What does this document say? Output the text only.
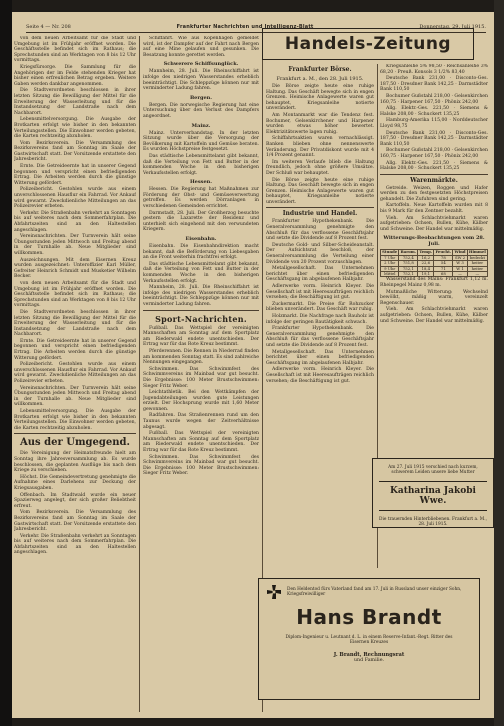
Seite 4 — Nr. 208	Frankfurter Nachrichten und Intelligenz-Blatt	Donnerstag, 29. Juli 1915.

von dem neuen Arbeitsamt für die Stadt und Umgebung ist im Frühjahr eröffnet worden. Die Geschäftsstelle befindet sich im Rathaus; die Sprechstunden sind an Werktagen von 8 bis 12 Uhr vormittags.

Kriegsfürsorge. Die Sammlung für die Angehörigen der im Felde stehenden Krieger hat bisher einen erfreulichen Betrag ergeben. Weitere Gaben werden dankbar angenommen.

Die Stadtverordneten beschlossen in ihrer letzten Sitzung die Bewilligung der Mittel für die Erweiterung der Wasserleitung und für die Instandsetzung der Landstraße nach dem Nachbarort.

Lebensmittelversorgung. Die Ausgabe der Brotkarten erfolgt wie bisher in den bekannten Verteilungsstellen. Die Einwohner werden gebeten, die Karten rechtzeitig abzuholen.

Vom Bezirksverein. Die Versammlung des Bezirksvereins fand am Sonntag im Saale der Gastwirtschaft statt. Der Vorsitzende erstattete den Jahresbericht.

Ernte. Die Getreideernte hat in unserer Gegend begonnen und verspricht einen befriedigenden Ertrag. Die Arbeiten werden durch die günstige Witterung gefördert.

Polizeibericht. Gestohlen wurde aus einem unverschlossenen Hausflur ein Fahrrad. Vor Ankauf wird gewarnt. Zweckdienliche Mitteilungen an das Polizeirevier erbeten.

Verkehr. Die Straßenbahn verkehrt an Sonntagen bis auf weiteres nach dem Sommerfahrplan. Die Abfahrtszeiten sind an den Haltestellen angeschlagen.

Vereinsnachrichten. Der Turnverein hält seine Übungsstunden jeden Mittwoch und Freitag abend in der Turnhalle ab. Neue Mitglieder sind willkommen.

Auszeichnungen. Mit dem Eisernen Kreuz wurden ausgezeichnet: Unteroffizier Karl Müller, Gefreiter Heinrich Schmidt und Musketier Wilhelm Becker.

von dem neuen Arbeitsamt für die Stadt und Umgebung ist im Frühjahr eröffnet worden. Die Geschäftsstelle befindet sich im Rathaus; die Sprechstunden sind an Werktagen von 8 bis 12 Uhr vormittags.

Die Stadtverordneten beschlossen in ihrer letzten Sitzung die Bewilligung der Mittel für die Erweiterung der Wasserleitung und für die Instandsetzung der Landstraße nach dem Nachbarort.

Ernte. Die Getreideernte hat in unserer Gegend begonnen und verspricht einen befriedigenden Ertrag. Die Arbeiten werden durch die günstige Witterung gefördert.

Polizeibericht. Gestohlen wurde aus einem unverschlossenen Hausflur ein Fahrrad. Vor Ankauf wird gewarnt. Zweckdienliche Mitteilungen an das Polizeirevier erbeten.

Vereinsnachrichten. Der Turnverein hält seine Übungsstunden jeden Mittwoch und Freitag abend in der Turnhalle ab. Neue Mitglieder sind willkommen.

Lebensmittelversorgung. Die Ausgabe der Brotkarten erfolgt wie bisher in den bekannten Verteilungsstellen. Die Einwohner werden gebeten, die Karten rechtzeitig abzuholen.

Aus der Umgegend.

Die Vereinigung der Heimatsfreunde hielt am Sonntag ihre Jahresversammlung ab. Es wurde beschlossen, die geplanten Ausflüge bis nach dem Kriege zu verschieben.

Höchst. Die Gemeindevertretung genehmigte die Aufnahme eines Darlehens zur Deckung der Kriegsausgaben.

Offenbach. Im Stadtwald wurde ein neuer Spazierweg angelegt, der sich großer Beliebtheit erfreut.

Vom Bezirksverein. Die Versammlung des Bezirksvereins fand am Sonntag im Saale der Gastwirtschaft statt. Der Vorsitzende erstattete den Jahresbericht.

Verkehr. Die Straßenbahn verkehrt an Sonntagen bis auf weiteres nach dem Sommerfahrplan. Die Abfahrtszeiten sind an den Haltestellen angeschlagen.

Schiffahrt. Wie aus Kopenhagen gemeldet wird, ist der Dampfer auf der Fahrt nach Bergen auf eine Mine gelaufen und gesunken. Die Besatzung konnte gerettet werden.

Schwerere Schiffsunglück.

Mannheim, 28. Juli. Die Rheinschiffahrt ist infolge des niedrigen Wasserstandes erheblich beeinträchtigt. Die Schleppzüge können nur mit verminderter Ladung fahren.

Bergen.

Bergen. Die norwegische Regierung hat eine Untersuchung über den Verlust des Dampfers angeordnet.

Mainz.

Mainz. Unterverbandstag. In der letzten Sitzung wurde über die Versorgung der Bevölkerung mit Kartoffeln und Gemüse beraten. Es wurden Höchstpreise festgesetzt.

Das städtische Lebensmittelamt gibt bekannt, daß die Verteilung von Fett und Butter in der kommenden Woche in den bisherigen Verkaufsstellen erfolgt.

Hessen.

Hessen. Die Regierung hat Maßnahmen zur Förderung der Obst- und Gemüseverwertung getroffen. Es werden Dörranlagen in verschiedenen Gemeinden errichtet.

Darmstadt, 28. Juli. Der Großherzog besuchte gestern die Lazarette der Residenz und unterhielt sich eingehend mit den verwundeten Kriegern.

Eisenbahn.

Eisenbahn. Die Eisenbahndirektion macht bekannt, daß die Beförderung von Liebesgaben an die Front weiterhin frachtfrei erfolgt.

Das städtische Lebensmittelamt gibt bekannt, daß die Verteilung von Fett und Butter in der kommenden Woche in den bisherigen Verkaufsstellen erfolgt.

Mannheim, 28. Juli. Die Rheinschiffahrt ist infolge des niedrigen Wasserstandes erheblich beeinträchtigt. Die Schleppzüge können nur mit verminderter Ladung fahren.

Sport-Nachrichten.

Fußball. Das Wettspiel der vereinigten Mannschaften am Sonntag auf dem Sportplatz am Riederwald endete unentschieden. Der Ertrag war für das Rote Kreuz bestimmt.

Pferderennen. Die Rennen in Niederrad finden am kommenden Sonntag statt. Es sind zahlreiche Nennungen eingegangen.

Schwimmen. Das Schwimmfest des Schwimmvereins im Mainbad war gut besucht. Die Ergebnisse: 100 Meter Brustschwimmen: Sieger Fritz Weber.

Leichtathletik. Bei den Wettkämpfen der Jugendabteilungen wurden gute Leistungen erzielt. Der Hochsprung wurde mit 1,60 Meter gewonnen.

Radfahren. Das Straßenrennen rund um den Taunus wurde wegen der Zeitverhältnisse abgesagt.

Fußball. Das Wettspiel der vereinigten Mannschaften am Sonntag auf dem Sportplatz am Riederwald endete unentschieden. Der Ertrag war für das Rote Kreuz bestimmt.

Schwimmen. Das Schwimmfest des Schwimmvereins im Mainbad war gut besucht. Die Ergebnisse: 100 Meter Brustschwimmen: Sieger Fritz Weber.

Handels-Zeitung
Frankfurter Börse.
Frankfurt a. M., den 28. Juli 1915.

Die Börse zeigte heute eine ruhige Haltung. Das Geschäft bewegte sich in engen Grenzen. Heimische Anlagewerte waren gut behauptet, Kriegsanleihe notierte unverändert.

Am Montanmarkt war die Tendenz fest. Bochumer, Gelsenkirchener und Harpener wurden etwas höher bewertet. Elektrizitätswerte lagen ruhig.

Schiffahrtsaktien waren vernachlässigt. Banken blieben ohne nennenswerte Veränderung. Der Privatdiskont wurde mit 4 1/4 Prozent genannt.

Im weiteren Verlaufe blieb die Haltung freundlich, jedoch ohne größere Umsätze. Der Schluß war behauptet.

Die Börse zeigte heute eine ruhige Haltung. Das Geschäft bewegte sich in engen Grenzen. Heimische Anlagewerte waren gut behauptet, Kriegsanleihe notierte unverändert.

Industrie und Handel.

Frankfurter Hypothekenbank. Die Generalversammlung genehmigte den Abschluß für das verflossene Geschäftsjahr und setzte die Dividende auf 8 Prozent fest.

Deutsche Gold- und Silber-Scheideanstalt. Der Aufsichtsrat beschloß, der Generalversammlung die Verteilung einer Dividende von 20 Prozent vorzuschlagen.

Metallgesellschaft. Das Unternehmen berichtet über einen befriedigenden Geschäftsgang im abgelaufenen Halbjahr.

Adlerwerke vorm. Heinrich Kleyer. Die Gesellschaft ist mit Heeresaufträgen reichlich versehen; die Beschäftigung ist gut.

Zuckermarkt. Die Preise für Rohzucker blieben unverändert. Das Geschäft war ruhig.

Holzmarkt. Die Nachfrage nach Bauholz ist infolge der geringen Bautätigkeit schwach.

Frankfurter Hypothekenbank. Die Generalversammlung genehmigte den Abschluß für das verflossene Geschäftsjahr und setzte die Dividende auf 8 Prozent fest.

Metallgesellschaft. Das Unternehmen berichtet über einen befriedigenden Geschäftsgang im abgelaufenen Halbjahr.

Adlerwerke vorm. Heinrich Kleyer. Die Gesellschaft ist mit Heeresaufträgen reichlich versehen; die Beschäftigung ist gut.

Kriegsanleihe 5% 98,50 · Reichsanleihe 3% 68,20 · Preuß. Konsols 3 1/2% 83,40

Deutsche Bank 231,00 · Disconto-Ges. 187,50 · Dresdner Bank 142,25 · Darmstädter Bank 110,50

Bochumer Gußstahl 218,00 · Gelsenkirchen 160,75 · Harpener 167,50 · Phönix 242,00

Allg. Elektr.-Ges. 221,50 · Siemens & Halske 208,00 · Schuckert 135,25

Hamburg-Amerika 115,00 · Norddeutscher Lloyd 98,75

Deutsche Bank 231,00 · Disconto-Ges. 187,50 · Dresdner Bank 142,25 · Darmstädter Bank 110,50

Bochumer Gußstahl 218,00 · Gelsenkirchen 160,75 · Harpener 167,50 · Phönix 242,00

Allg. Elektr.-Ges. 221,50 · Siemens & Halske 208,00 · Schuckert 135,25

Warenmärkte.

Getreide. Weizen, Roggen und Hafer werden zu den festgesetzten Höchstpreisen gehandelt. Die Zufuhren sind gering.

Kartoffeln. Neue Kartoffeln wurden mit 8 bis 9 Mark für den Zentner bezahlt.

Vieh. Am Schlachtviehmarkt waren aufgetrieben: Ochsen, Bullen, Kühe, Kälber und Schweine. Der Handel war mittelmäßig.

Witterungs-Beobachtungen vom 28. Juli.
Stunde	Barom.	Temp.	Feucht.	Wind	Himmel
7 Uhr	752,4	16,2	78	SW 2	bedeckt
2 Uhr	751,8	22,6	54	W 3	heiter
9 Uhr	752,1	18,4	71	W 1	heiter
Mittel	752,1	19,1	68	—	—

Wasserstand des Mains: Frankfurt 1,12 m. Rheinpegel Mainz 0,98 m.

Mutmaßliche Witterung: Wechselnd bewölkt, mäßig warm, vereinzelt Regenschauer.

Vieh. Am Schlachtviehmarkt waren aufgetrieben: Ochsen, Bullen, Kühe, Kälber und Schweine. Der Handel war mittelmäßig.

Am 27. Juli 1915 verschied nach kurzem, schwerem Leiden unsere liebe Mutter
Katharina Jakobi Wwe.
Die trauernden Hinterbliebenen. Frankfurt a. M., 28. Juli 1915.
Den Heldentod fürs Vaterland fand am 17. Juli in Russland unser einziger Sohn, Kriegsfreiwilliger
Hans Brandt
Diplom-Ingenieur u. Leutnant d. L. in einem Reserve-Infant.-Regt. Ritter des Eisernen Kreuzes
J. Brandt, Rechnungsrat
und Familie.
